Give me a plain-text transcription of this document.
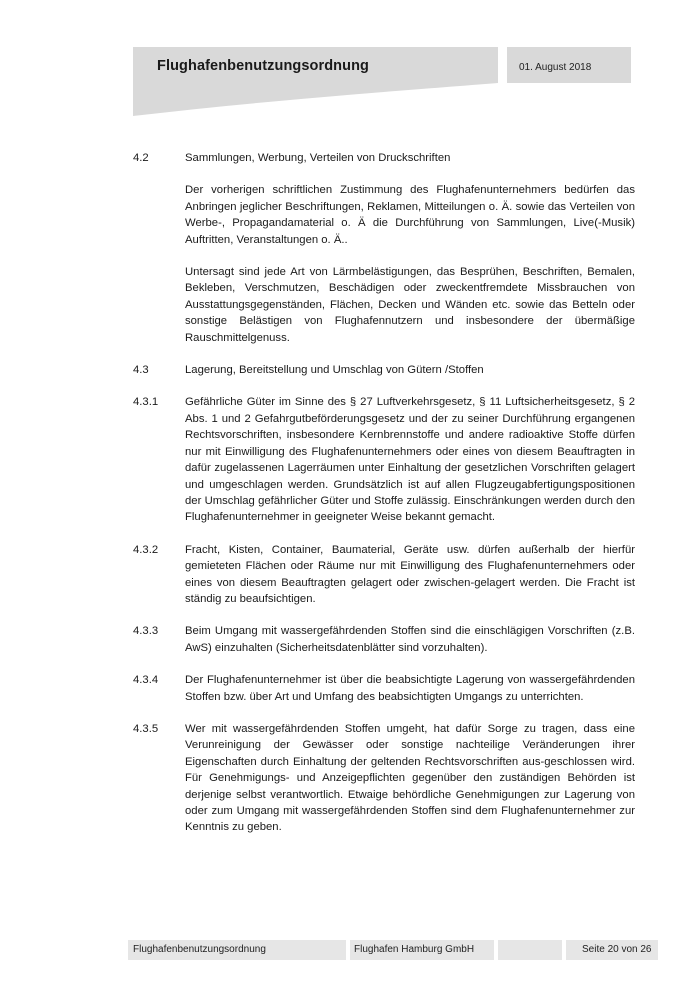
Flughafenbenutzungsordnung	01. August 2018
4.2	Sammlungen, Werbung, Verteilen von Druckschriften
Der vorherigen schriftlichen Zustimmung des Flughafenunternehmers bedürfen das Anbringen jeglicher Beschriftungen, Reklamen, Mitteilungen o. Ä. sowie das Verteilen von Werbe-, Propagandamaterial o. Ä die Durchführung von Sammlungen, Live(-Musik) Auftritten, Veranstaltungen o. Ä..
Untersagt sind jede Art von Lärmbelästigungen, das Besprühen, Beschriften, Bemalen, Bekleben, Verschmutzen, Beschädigen oder zweckentfremdete Missbrauchen von Ausstattungsgegenständen, Flächen, Decken und Wänden etc. sowie das Betteln oder sonstige Belästigen von Flughafennutzern und insbesondere der übermäßige Rauschmittelgenuss.
4.3	Lagerung, Bereitstellung und Umschlag von Gütern /Stoffen
4.3.1	Gefährliche Güter im Sinne des § 27 Luftverkehrsgesetz, § 11 Luftsicherheitsgesetz, § 2 Abs. 1 und 2 Gefahrgutbeförderungsgesetz und der zu seiner Durchführung ergangenen Rechtsvorschriften, insbesondere Kernbrennstoffe und andere radioaktive Stoffe dürfen nur mit Einwilligung des Flughafenunternehmers oder eines von diesem Beauftragten in dafür zugelassenen Lagerräumen unter Einhaltung der gesetzlichen Vorschriften gelagert und umgeschlagen werden. Grundsätzlich ist auf allen Flugzeugabfertigungspositionen der Umschlag gefährlicher Güter und Stoffe zulässig. Einschränkungen werden durch den Flughafenunternehmer in geeigneter Weise bekannt gemacht.
4.3.2	Fracht, Kisten, Container, Baumaterial, Geräte usw. dürfen außerhalb der hierfür gemieteten Flächen oder Räume nur mit Einwilligung des Flughafenunternehmers oder eines von diesem Beauftragten gelagert oder zwischen-gelagert werden. Die Fracht ist ständig zu beaufsichtigen.
4.3.3	Beim Umgang mit wassergefährdenden Stoffen sind die einschlägigen Vorschriften (z.B. AwS) einzuhalten (Sicherheitsdatenblätter sind vorzuhalten).
4.3.4	Der Flughafenunternehmer ist über die beabsichtigte Lagerung von wassergefährdenden Stoffen bzw. über Art und Umfang des beabsichtigten Umgangs zu unterrichten.
4.3.5	Wer mit wassergefährdenden Stoffen umgeht, hat dafür Sorge zu tragen, dass eine Verunreinigung der Gewässer oder sonstige nachteilige Veränderungen ihrer Eigenschaften durch Einhaltung der geltenden Rechtsvorschriften aus-geschlossen wird. Für Genehmigungs- und Anzeigepflichten gegenüber den zuständigen Behörden ist derjenige selbst verantwortlich. Etwaige behördliche Genehmigungen zur Lagerung von oder zum Umgang mit wassergefährdenden Stoffen sind dem Flughafenunternehmer zur Kenntnis zu geben.
Flughafenbenutzungsordnung	Flughafen Hamburg GmbH	Seite 20 von 26
